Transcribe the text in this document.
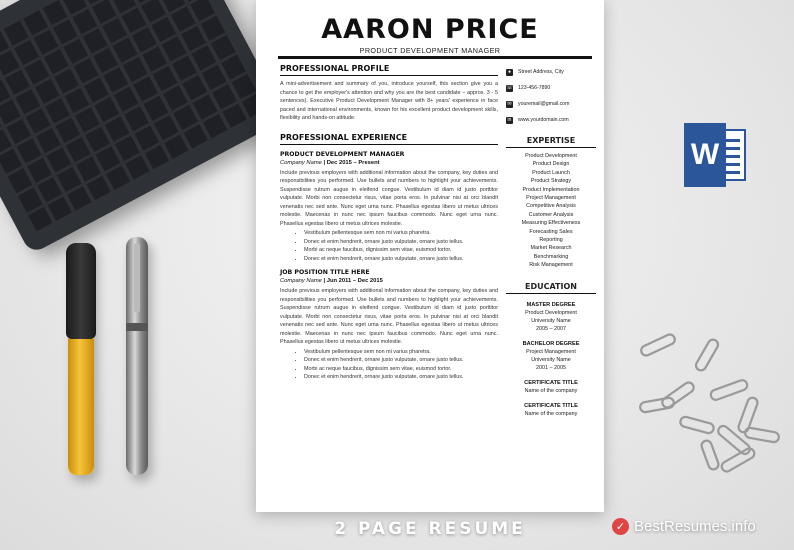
W
AARON PRICE
PRODUCT DEVELOPMENT MANAGER
PROFESSIONAL PROFILE
A mini-advertisement and summary of you, introduce yourself, this section give you a chance to get the employer's attention and why you are the best candidate – approx. 3 - 5 sentences). Executive Product Development Manager with 8+ years' experience in face paced and international environments, known for his excellent product development skills, flexibility and hands-on attitude.
PROFESSIONAL EXPERIENCE
PRODUCT DEVELOPMENT MANAGER
Company Name | Dec 2015 – Present
Include previous employers with additional information about the company, key duties and responsibilities you performed. Use bullets and numbers to highlight your achievements. Suspendisse rutrum augue in eleifend congue. Vestibulum id diam id justo porttitor vulputate. Morbi non consectetur risus, vitae porta eros. In pulvinar nisi at orci blandit venenatis nec sed ante. Nunc eget urna nunc. Phasellus egestas libero ut metus ultrices molestie. Maecenas in nunc nec ipsum faucibus commodo. Nunc eget urna nunc. Phasellus egestas libero ut metus ultrices molestie.
• Vestibulum pellentesque sem non mi varius pharetra.
• Donec et enim hendrerit, ornare justo vulputate, ornare justo tellus.
• Morbi ac neque faucibus, dignissim sem vitae, euismod tortor.
• Donec et enim hendrerit, ornare justo vulputate, ornare justo tellus.
JOB POSITION TITLE HERE
Company Name | Jun 2011 – Dec 2015
Include previous employers with additional information about the company, key duties and responsibilities you performed. Use bullets and numbers to highlight your achievements. Suspendisse rutrum augue in eleifend congue. Vestibulum id diam id justo porttitor vulputate. Morbi non consectetur risus, vitae porta eros. In pulvinar nisi at orci blandit venenatis nec sed ante. Nunc eget urna nunc. Phasellus egestas libero ut metus ultrices molestie. Maecenas in nunc nec ipsum faucibus commodo. Nunc eget urna nunc. Phasellus egestas libero ut metus ultrices molestie.
• Vestibulum pellentesque sem non mi varius pharetra.
• Donec et enim hendrerit, ornare justo vulputate, ornare justo tellus.
• Morbi ac neque faucibus, dignissim sem vitae, euismod tortor.
• Donec et enim hendrerit, ornare justo vulputate, ornare justo tellus.
●	Street Address, City
☏ 123-456-7890
✉ youremail@gmail.com
in www.yourdomain.com
EXPERTISE
Product Development
Product Design
Product Launch
Product Strategy
Product Implementation
Project Management
Competitive Analysis
Customer Analysis
Measuring Effectiveness
Forecasting Sales
Reporting
Market Research
Benchmarking
Risk Management
EDUCATION
MASTER DEGREE
Product Development
University Name
2005 – 2007
BACHELOR DEGREE
Project Management
University Name
2001 – 2005
CERTIFICATE TITLE
Name of the company
CERTIFICATE TITLE
Name of the company
2 PAGE RESUME	✓ BestResumes.info
